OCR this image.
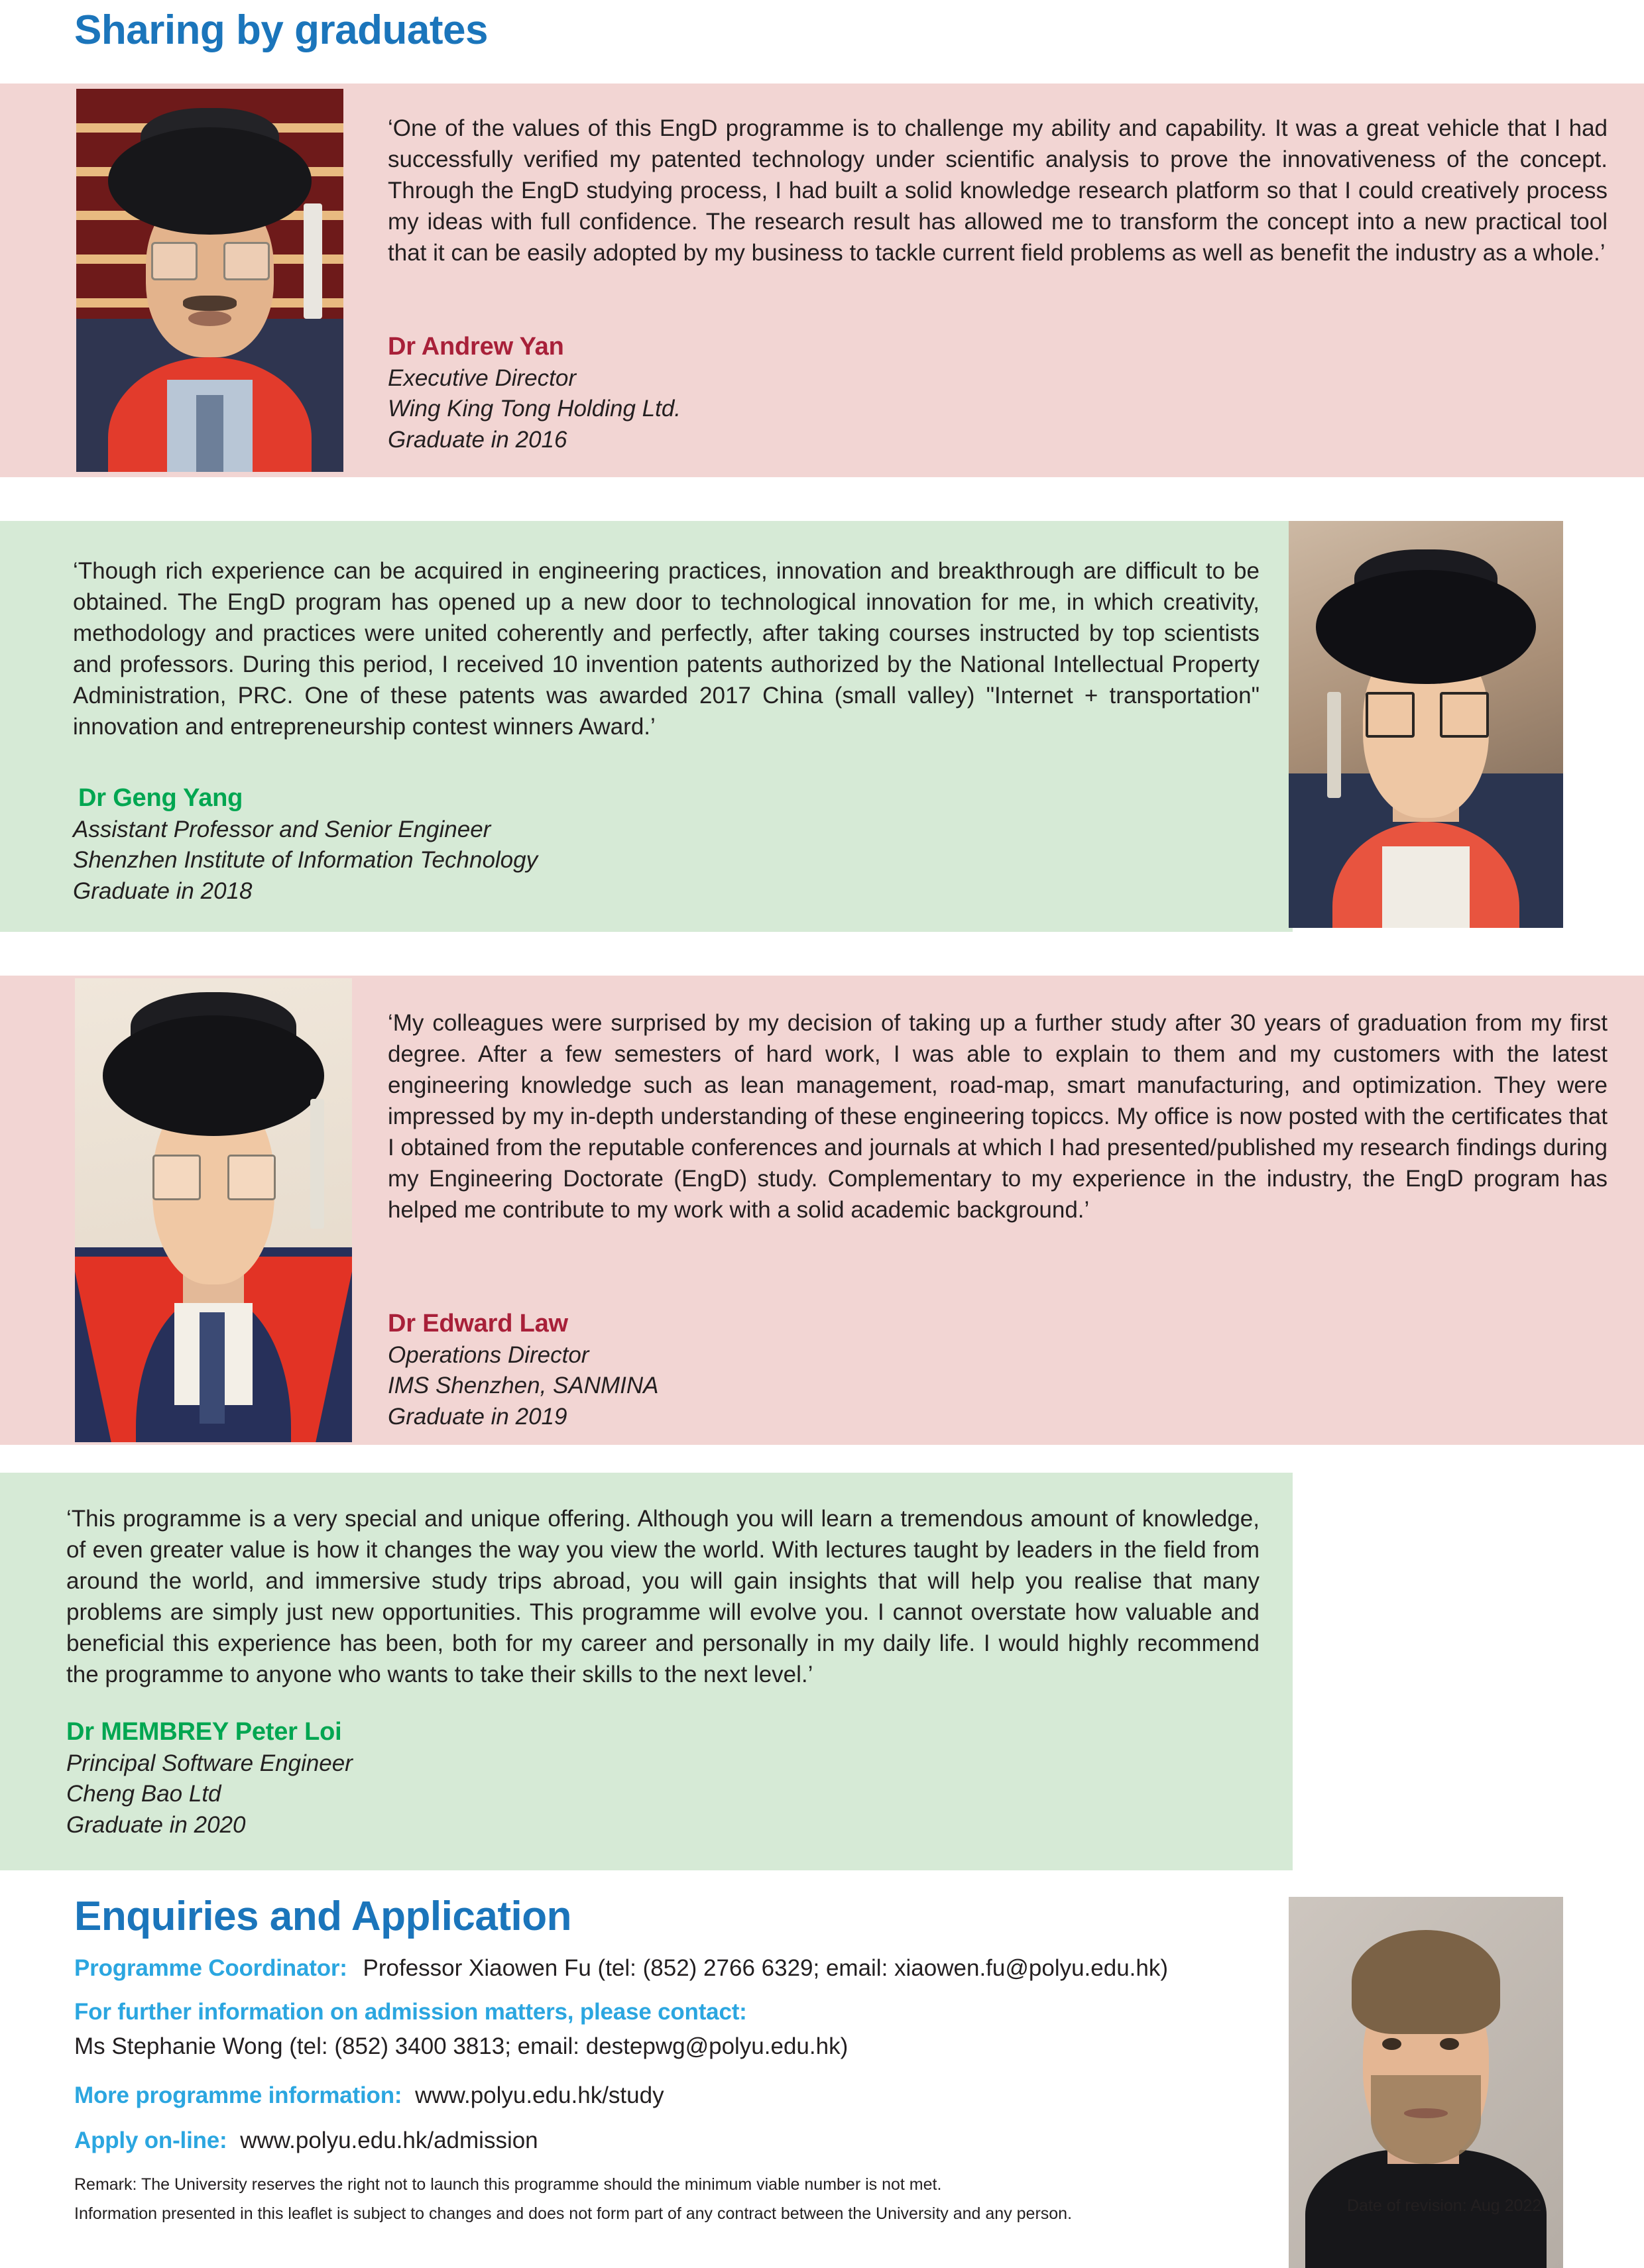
Sharing by graduates
‘One of the values of this EngD programme is to challenge my ability and capability. It was a great vehicle that I had successfully verified my patented technology under scientific analysis to prove the innovativeness of the concept. Through the EngD studying process, I had built a solid knowledge research platform so that I could creatively process my ideas with full confidence. The research result has allowed me to transform the concept into a new practical tool that it can be easily adopted by my business to tackle current field problems as well as benefit the industry as a whole.’
Dr Andrew Yan
Executive Director
Wing King Tong Holding Ltd.
Graduate in 2016
‘Though rich experience can be acquired in engineering practices, innovation and breakthrough are difficult to be obtained. The EngD program has opened up a new door to technological innovation for me, in which creativity, methodology and practices were united coherently and perfectly, after taking courses instructed by top scientists and professors. During this period, I received 10 invention patents authorized by the National Intellectual Property Administration, PRC. One of these patents was awarded 2017 China (small valley) "Internet + transportation" innovation and entrepreneurship contest winners Award.’
Dr Geng Yang
Assistant Professor and Senior Engineer
Shenzhen Institute of Information Technology
Graduate in 2018
‘My colleagues were surprised by my decision of taking up a further study after 30 years of graduation from my first degree. After a few semesters of hard work, I was able to explain to them and my customers with the latest engineering knowledge such as lean management, road-map, smart manufacturing, and optimization. They were impressed by my in-depth understanding of these engineering topiccs. My office is now posted with the certificates that I obtained from the reputable conferences and journals at which I had presented/published my research findings during my Engineering Doctorate (EngD) study. Complementary to my experience in the industry, the EngD program has helped me contribute to my work with a solid academic background.’
Dr Edward Law
Operations Director
IMS Shenzhen, SANMINA
Graduate in 2019
‘This programme is a very special and unique offering. Although you will learn a tremendous amount of knowledge, of even greater value is how it changes the way you view the world. With lectures taught by leaders in the field from around the world, and immersive study trips abroad, you will gain insights that will help you realise that many problems are simply just new opportunities. This programme will evolve you. I cannot overstate how valuable and beneficial this experience has been, both for my career and personally in my daily life. I would highly recommend the programme to anyone who wants to take their skills to the next level.’
Dr MEMBREY Peter Loi
Principal Software Engineer
Cheng Bao Ltd
Graduate in 2020
Enquiries and Application
Programme Coordinator: Professor Xiaowen Fu (tel: (852) 2766 6329; email: xiaowen.fu@polyu.edu.hk)
For further information on admission matters, please contact:
Ms Stephanie Wong (tel: (852) 3400 3813; email: destepwg@polyu.edu.hk)
More programme information: www.polyu.edu.hk/study
Apply on-line: www.polyu.edu.hk/admission
Remark: The University reserves the right not to launch this programme should the minimum viable number is not met.
Information presented in this leaflet is subject to changes and does not form part of any contract between the University and any person.	Date of revision: Aug 2022
